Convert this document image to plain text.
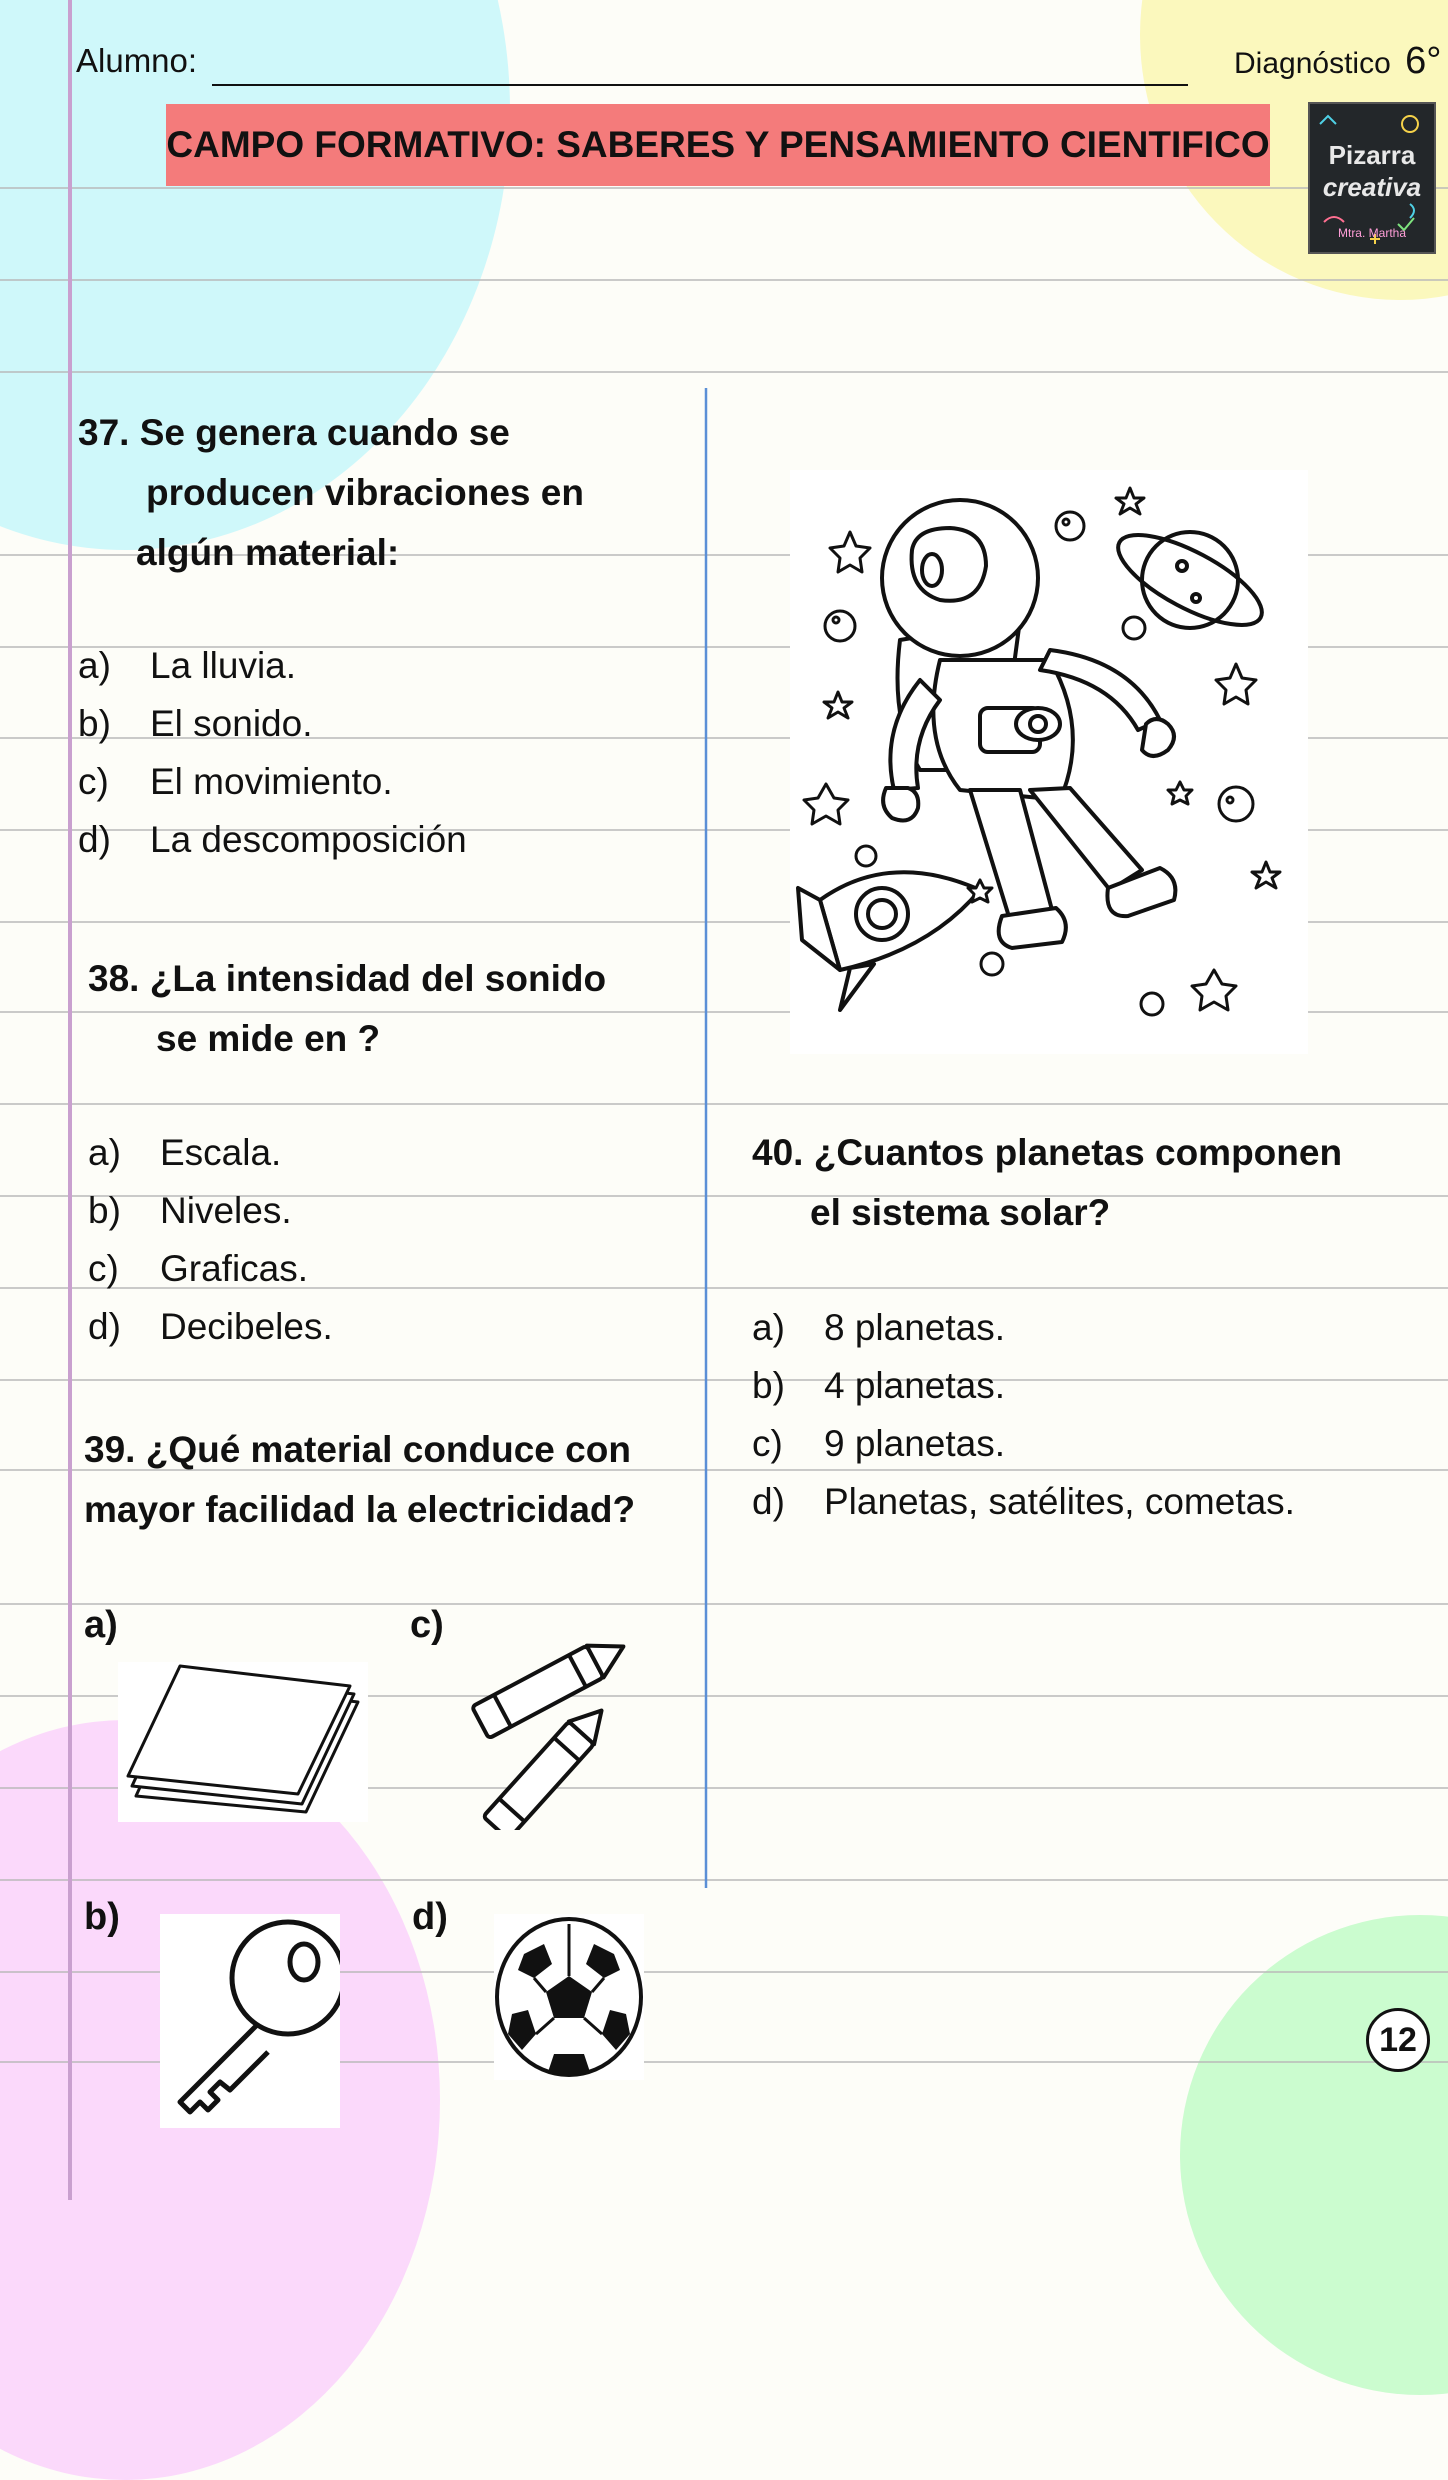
Alumno:	Diagnóstico 6°
CAMPO FORMATIVO: SABERES Y PENSAMIENTO CIENTIFICO	Pizarra
creativa
Mtra. Martha
37. Se genera cuando se
producen vibraciones en
algún material:
a) La lluvia.
b) El sonido.
c) El movimiento.
d) La descomposición
38. ¿La intensidad del sonido
se mide en ?
a) Escala.
b) Niveles.
c) Graficas.
d) Decibeles.
39. ¿Qué material conduce con
mayor facilidad la electricidad?
a)	c)
b)	d)
40. ¿Cuantos planetas componen
el sistema solar?
a) 8 planetas.
b) 4 planetas.
c) 9 planetas.
d) Planetas, satélites, cometas.
12
